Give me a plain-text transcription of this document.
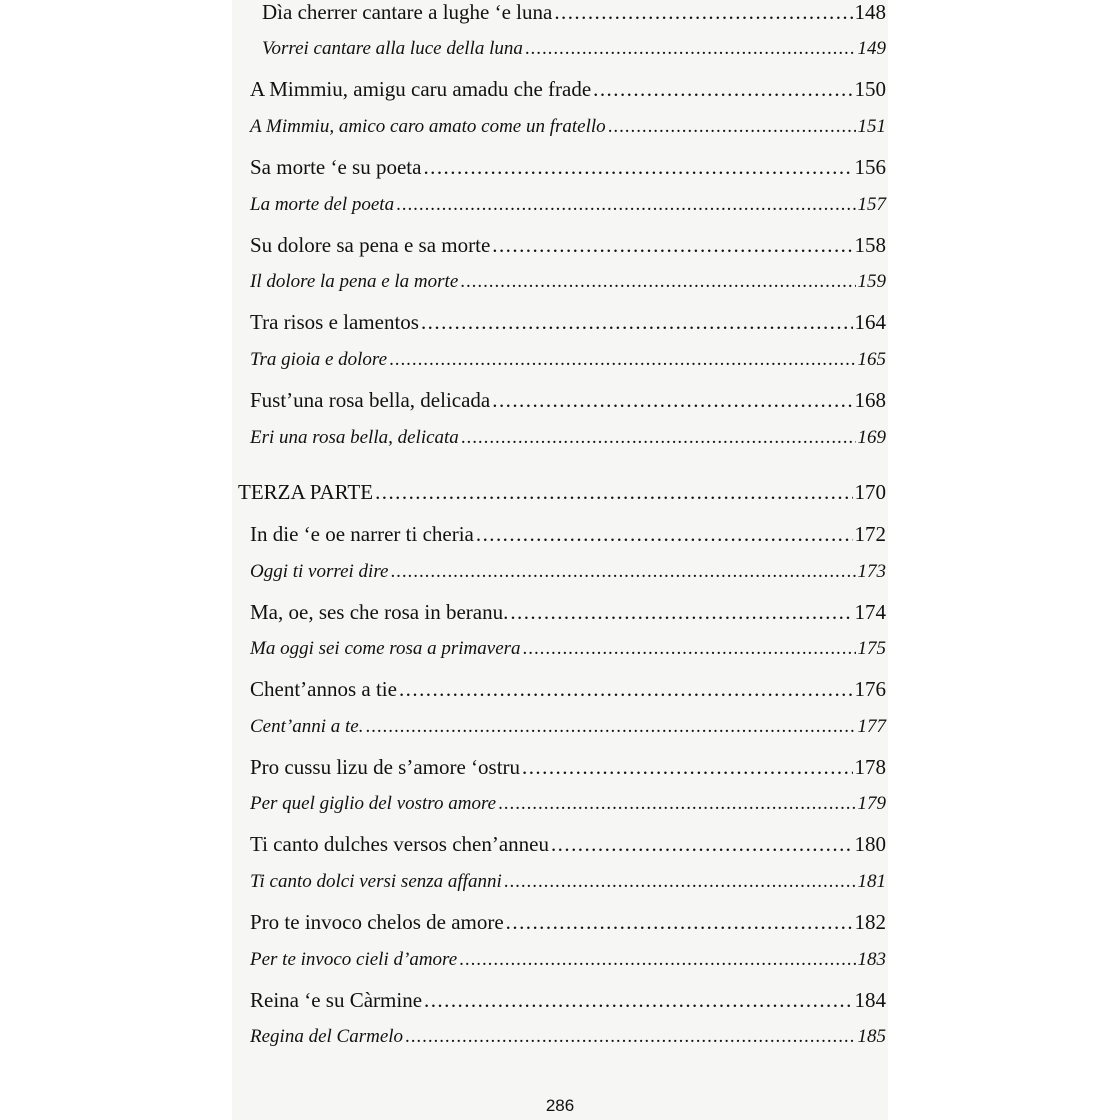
Dìa cherrer cantare a lughe ‘e luna . . .	148
Vorrei cantare alla luce della luna . . .	149
A Mimmiu, amigu caru amadu che frade . . .	150
A Mimmiu, amico caro amato come un fratello . . .	151
Sa morte ‘e su poeta . . .	156
La morte del poeta . . .	157
Su dolore sa pena e sa morte . . .	158
Il dolore la pena e la morte . . .	159
Tra risos e lamentos . . .	164
Tra gioia e dolore . . .	165
Fust’una rosa bella, delicada . . .	168
Eri una rosa bella, delicata . . .	169
TERZA PARTE . . .	170
In die ‘e oe narrer ti cheria . . .	172
Oggi ti vorrei dire . . .	173
Ma, oe, ses che rosa in beranu. . . .	174
Ma oggi sei come rosa a primavera . . .	175
Chent’annos a tie . . .	176
Cent’anni a te. . . .	177
Pro cussu lizu de s’amore ‘ostru . . .	178
Per quel giglio del vostro amore . . .	179
Ti canto dulches versos chen’anneu . . .	180
Ti canto dolci versi senza affanni . . .	181
Pro te invoco chelos de amore . . .	182
Per te invoco cieli d’amore . . .	183
Reina ‘e su Càrmine . . .	184
Regina del Carmelo . . .	185
286
